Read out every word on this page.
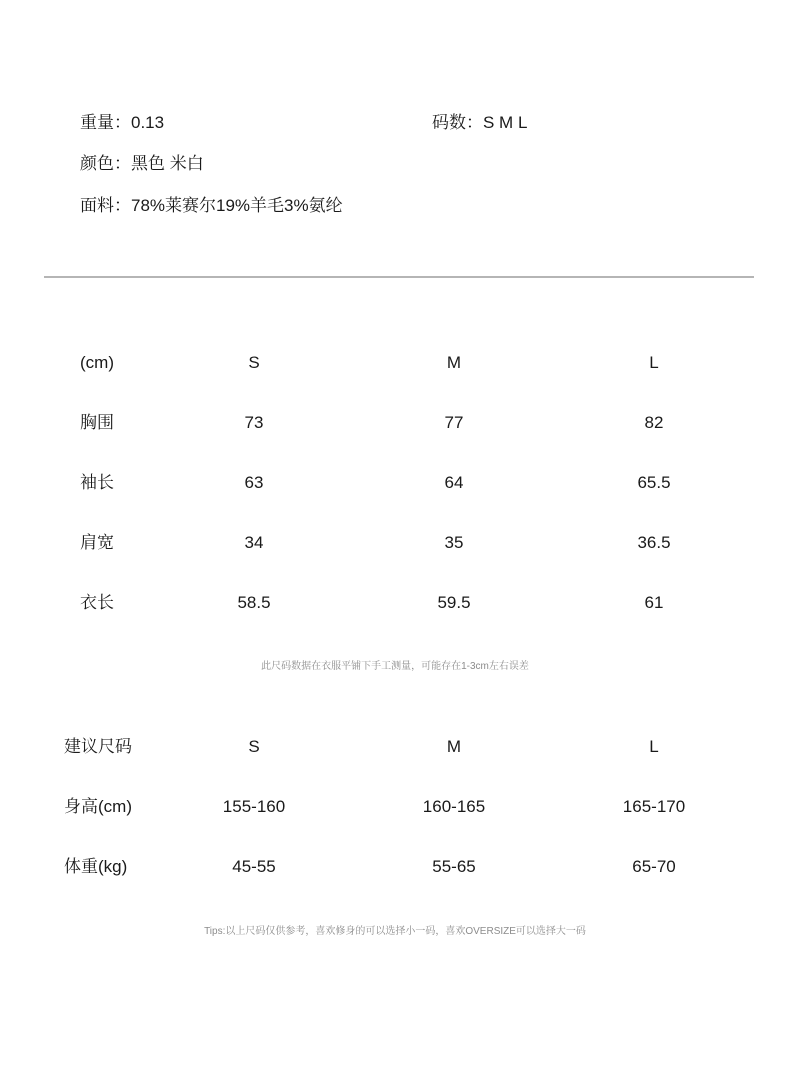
重量：0.13	码数：S M L
颜色：黑色 米白
面料：78%莱赛尔19%羊毛3%氨纶
(cm)	S	M	L
胸围	73	77	82
袖长	63	64	65.5
肩宽	34	35	36.5
衣长	58.5	59.5	61
此尺码数据在衣服平铺下手工测量，可能存在1-3cm左右误差
建议尺码	S	M	L
身高(cm)	155-160	160-165	165-170
体重(kg)	45-55	55-65	65-70
Tips:以上尺码仅供参考，喜欢修身的可以选择小一码，喜欢OVERSIZE可以选择大一码
